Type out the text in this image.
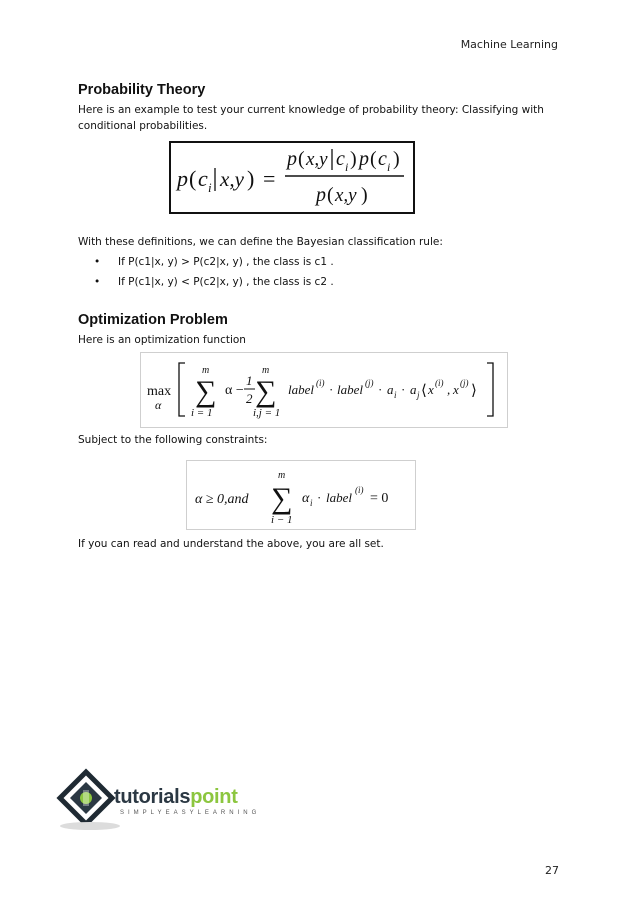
Machine Learning
Probability Theory
Here is an example to test your current knowledge of probability theory: Classifying with conditional probabilities.
p ( c i x,y ) =
p ( x,y c i ) p ( c i )
p ( x,y )
With these definitions, we can define the Bayesian classification rule:
• If P(c1|x, y) > P(c2|x, y) , the class is c1 .
• If P(c1|x, y) < P(c2|x, y) , the class is c2 .
Optimization Problem
Here is an optimization function
max
α
m
∑
i = 1
α −
1
2
m
∑
i,j = 1
label (i) · label (j) · a i · a j ⟨ x (i) , x (j) ⟩
Subject to the following constraints:
α ≥ 0,and
m
∑
i − 1
α i · label (i)
= 0
If you can read and understand the above, you are all set.
tutorialspoint
SIMPLYEASYLEARNING
27
